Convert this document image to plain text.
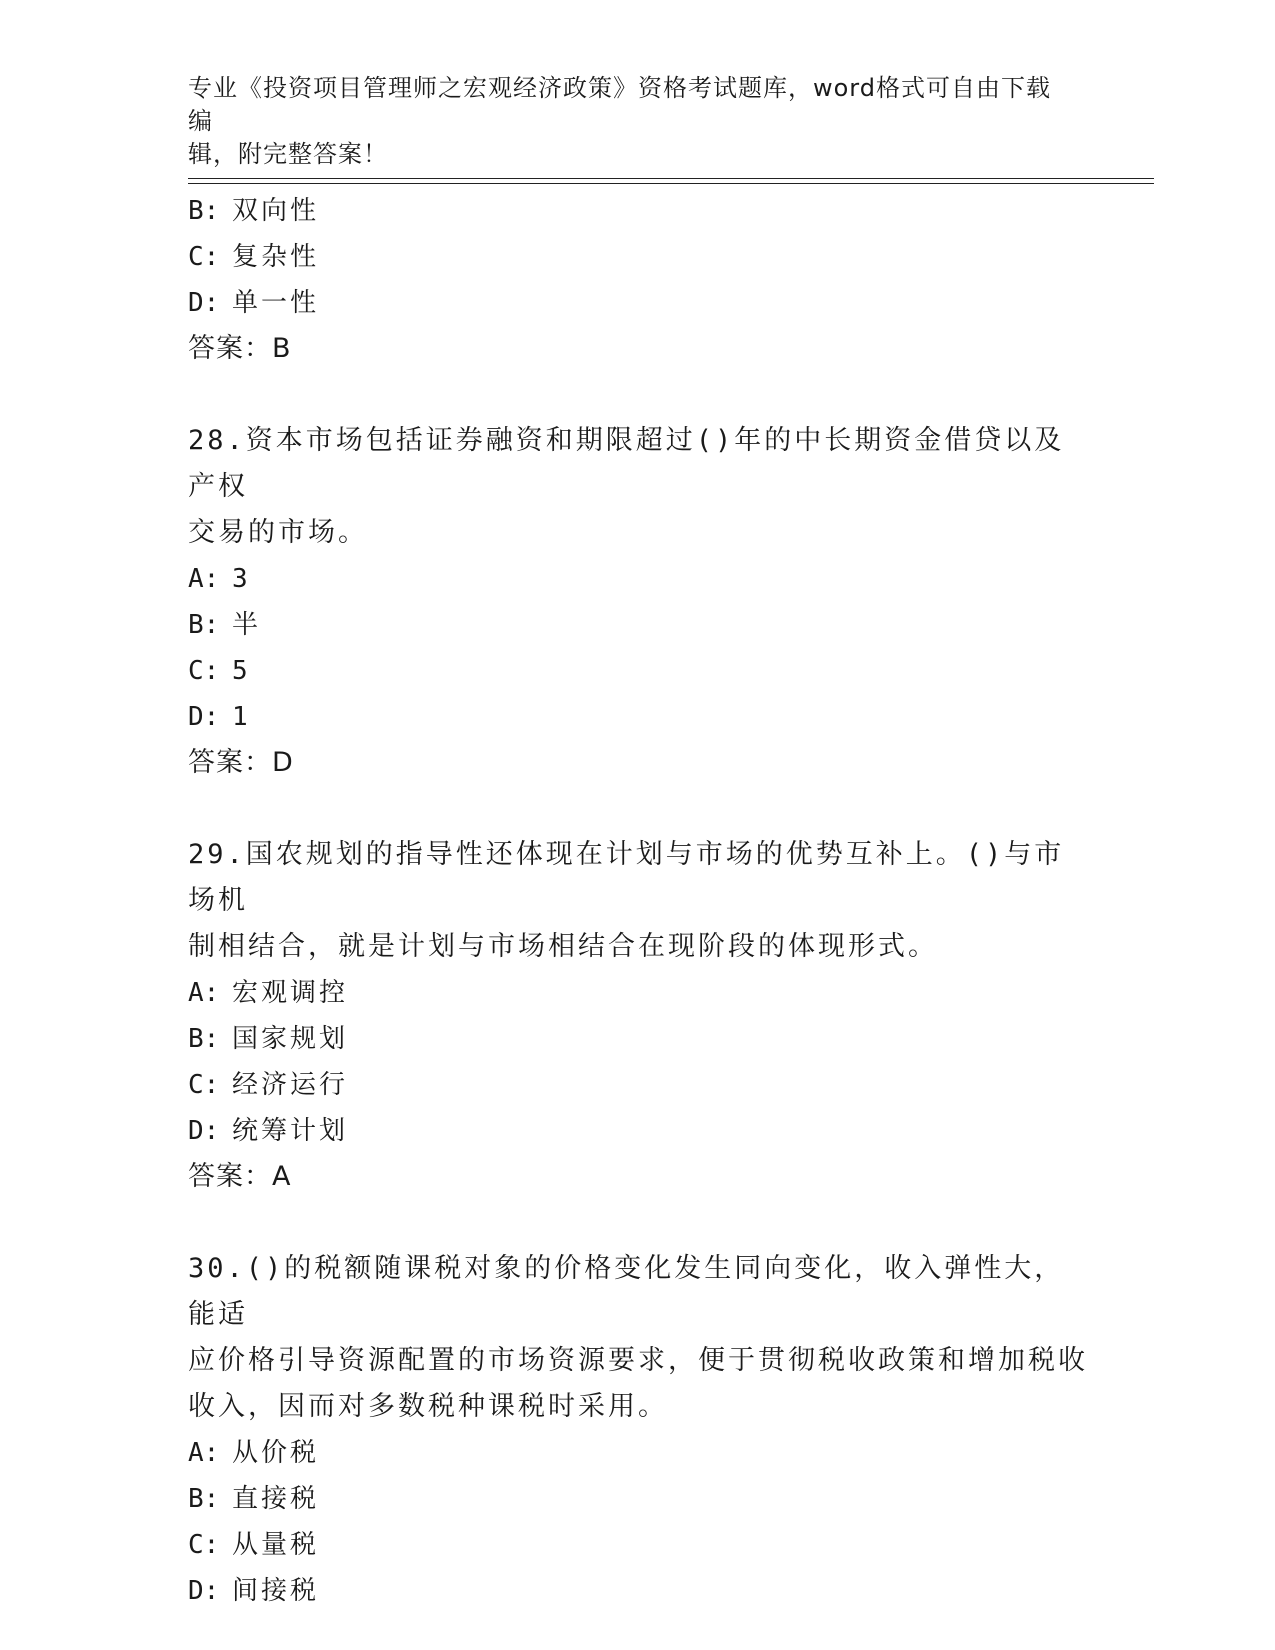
专业《投资项目管理师之宏观经济政策》资格考试题库，word格式可自由下载编
辑，附完整答案！
B: 双向性
C: 复杂性
D: 单一性
答案：B
28.资本市场包括证券融资和期限超过()年的中长期资金借贷以及产权
交易的市场。
A: 3
B: 半
C: 5
D: 1
答案：D
29.国农规划的指导性还体现在计划与市场的优势互补上。()与市场机
制相结合，就是计划与市场相结合在现阶段的体现形式。
A: 宏观调控
B: 国家规划
C: 经济运行
D: 统筹计划
答案：A
30.()的税额随课税对象的价格变化发生同向变化，收入弹性大，能适
应价格引导资源配置的市场资源要求，便于贯彻税收政策和增加税收
收入，因而对多数税种课税时采用。
A: 从价税
B: 直接税
C: 从量税
D: 间接税
